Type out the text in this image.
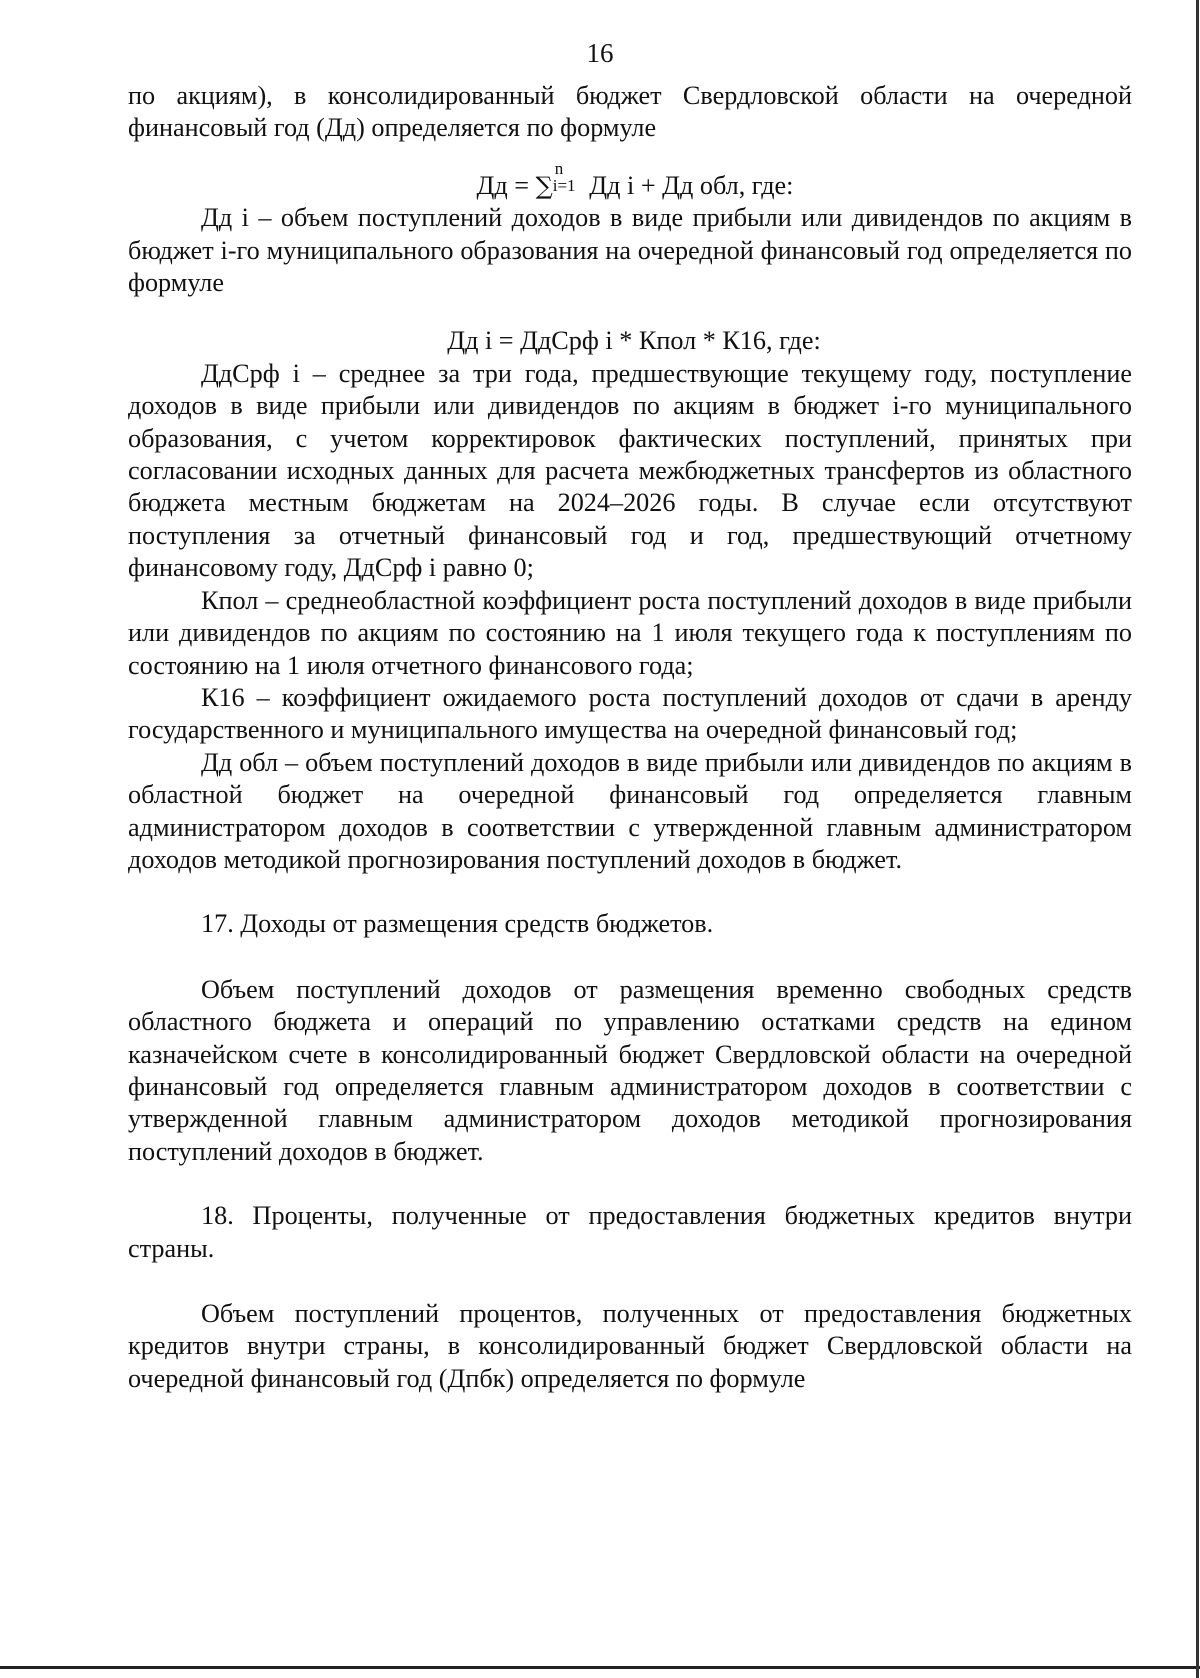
16

по акциям), в консолидированный бюджет Свердловской области на очередной финансовый год (Дд) определяется по формуле

Дд = ∑
n
i=1 Дд i + Дд обл, где:

Дд i – объем поступлений доходов в виде прибыли или дивидендов по акциям в бюджет i-го муниципального образования на очередной финансовый год определяется по формуле

Дд i = ДдСрф i * Кпол * К16, где:

ДдСрф i – среднее за три года, предшествующие текущему году, поступление доходов в виде прибыли или дивидендов по акциям в бюджет i-го муниципального образования, с учетом корректировок фактических поступлений, принятых при согласовании исходных данных для расчета межбюджетных трансфертов из областного бюджета местным бюджетам на 2024–2026 годы. В случае если отсутствуют поступления за отчетный финансовый год и год, предшествующий отчетному финансовому году, ДдСрф i равно 0;

Кпол – среднеобластной коэффициент роста поступлений доходов в виде прибыли или дивидендов по акциям по состоянию на 1 июля текущего года к поступлениям по состоянию на 1 июля отчетного финансового года;

К16 – коэффициент ожидаемого роста поступлений доходов от сдачи в аренду государственного и муниципального имущества на очередной финансовый год;

Дд обл – объем поступлений доходов в виде прибыли или дивидендов по акциям в областной бюджет на очередной финансовый год определяется главным администратором доходов в соответствии с утвержденной главным администратором доходов методикой прогнозирования поступлений доходов в бюджет.

17. Доходы от размещения средств бюджетов.

Объем поступлений доходов от размещения временно свободных средств областного бюджета и операций по управлению остатками средств на едином казначейском счете в консолидированный бюджет Свердловской области на очередной финансовый год определяется главным администратором доходов в соответствии с утвержденной главным администратором доходов методикой прогнозирования поступлений доходов в бюджет.

18. Проценты, полученные от предоставления бюджетных кредитов внутри страны.

Объем поступлений процентов, полученных от предоставления бюджетных кредитов внутри страны, в консолидированный бюджет Свердловской области на очередной финансовый год (Дпбк) определяется по формуле
